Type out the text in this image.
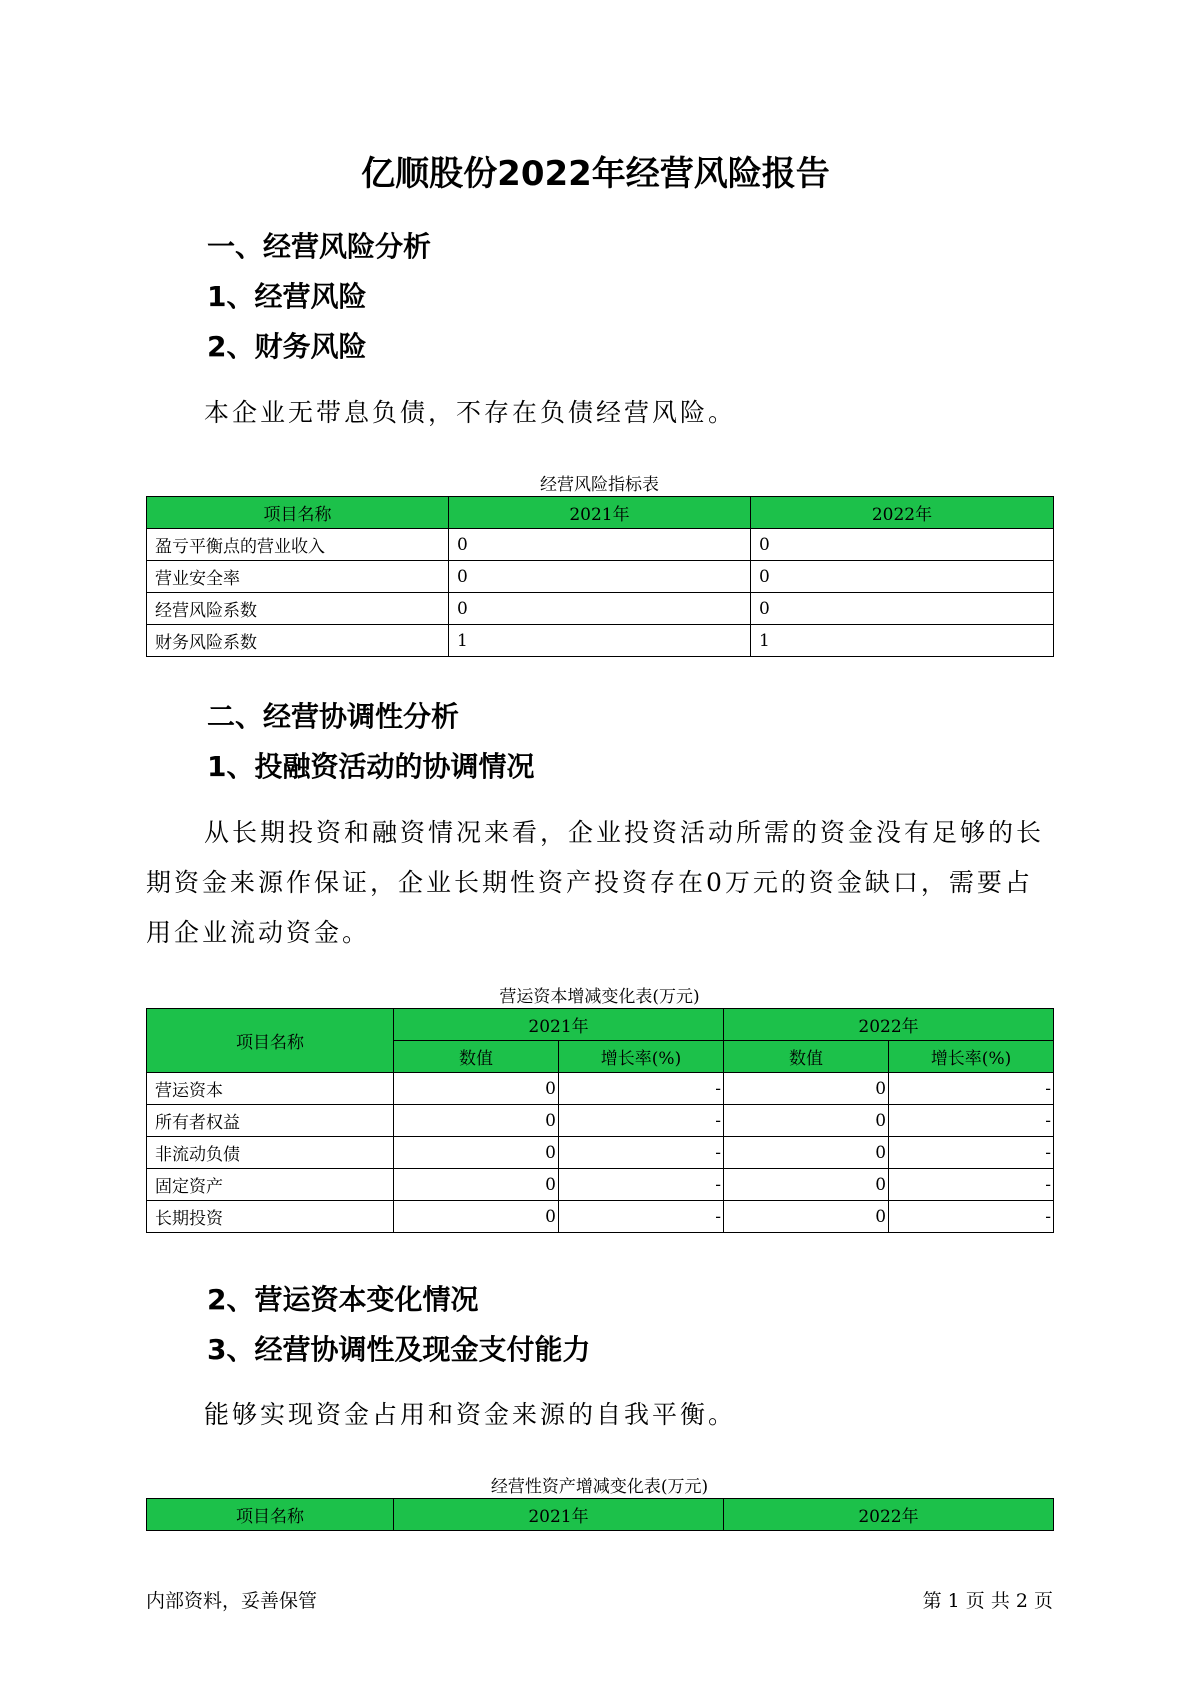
亿顺股份2022年经营风险报告
一、经营风险分析
1、经营风险
2、财务风险
本企业无带息负债，不存在负债经营风险。
经营风险指标表
项目名称	2021年	2022年
盈亏平衡点的营业收入	0	0
营业安全率	0	0
经营风险系数	0	0
财务风险系数	1	1
二、经营协调性分析
1、投融资活动的协调情况
从长期投资和融资情况来看，企业投资活动所需的资金没有足够的长期资金来源作保证，企业长期性资产投资存在0万元的资金缺口，需要占用企业流动资金。
营运资本增减变化表(万元)
项目名称	2021年		2022年	
	数值	增长率(%)	数值	增长率(%)
营运资本	0	-	0	-
所有者权益	0	-	0	-
非流动负债	0	-	0	-
固定资产	0	-	0	-
长期投资	0	-	0	-
2、营运资本变化情况
3、经营协调性及现金支付能力
能够实现资金占用和资金来源的自我平衡。
经营性资产增减变化表(万元)
项目名称	2021年	2022年
内部资料，妥善保管	第 1 页 共 2 页
